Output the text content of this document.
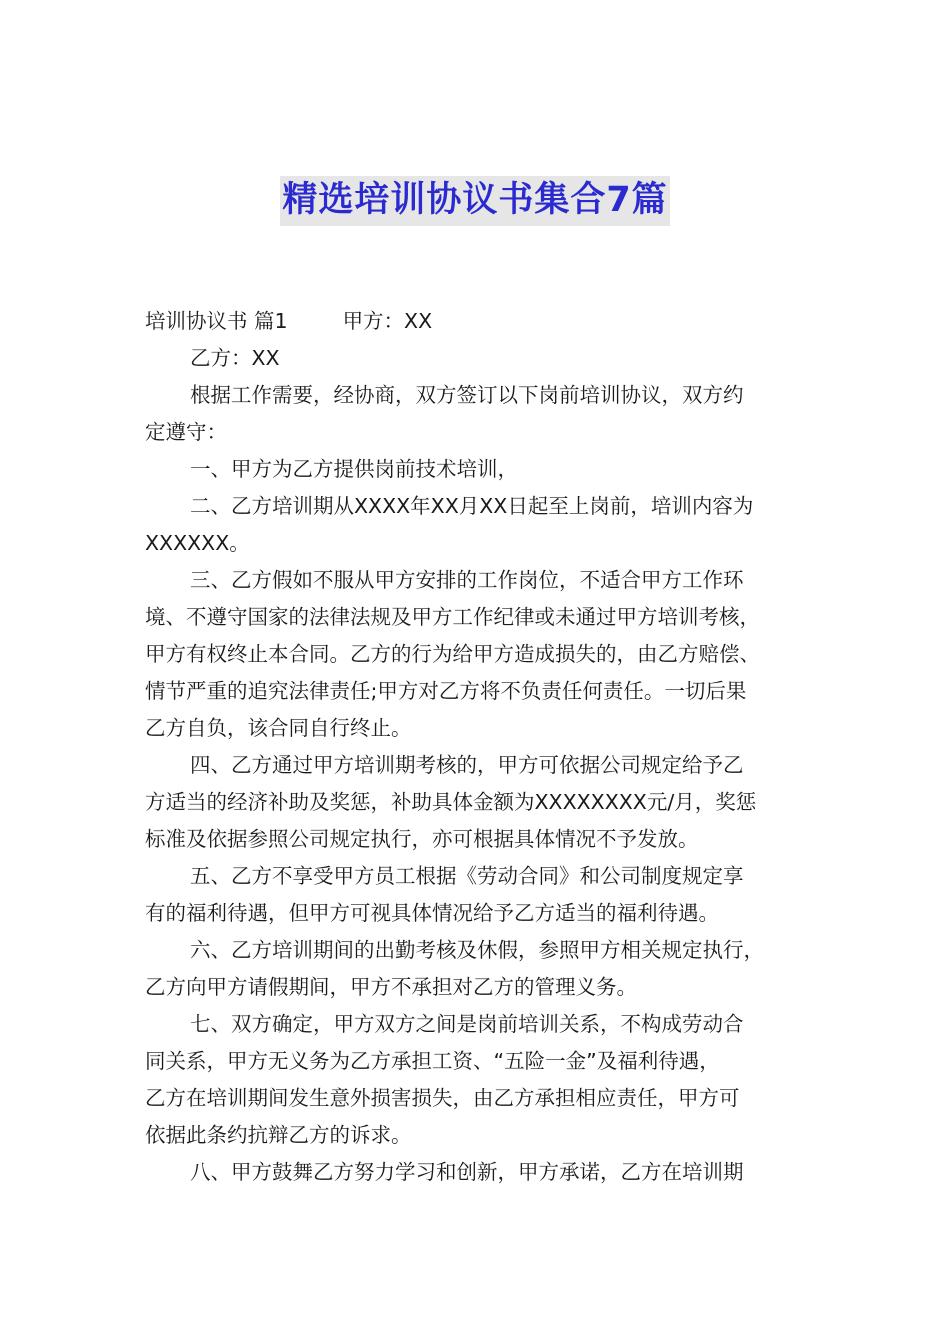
精选培训协议书集合7篇
培训协议书 篇1	甲方：XX
乙方：XX
根据工作需要，经协商，双方签订以下岗前培训协议，双方约
定遵守：
一、甲方为乙方提供岗前技术培训，
二、乙方培训期从XXXX年XX月XX日起至上岗前，培训内容为
XXXXXX。
三、乙方假如不服从甲方安排的工作岗位，不适合甲方工作环
境、不遵守国家的法律法规及甲方工作纪律或未通过甲方培训考核，
甲方有权终止本合同。乙方的行为给甲方造成损失的，由乙方赔偿、
情节严重的追究法律责任;甲方对乙方将不负责任何责任。一切后果
乙方自负，该合同自行终止。
四、乙方通过甲方培训期考核的，甲方可依据公司规定给予乙
方适当的经济补助及奖惩，补助具体金额为XXXXXXXX元/月，奖惩
标准及依据参照公司规定执行，亦可根据具体情况不予发放。
五、乙方不享受甲方员工根据《劳动合同》和公司制度规定享
有的福利待遇，但甲方可视具体情况给予乙方适当的福利待遇。
六、乙方培训期间的出勤考核及休假，参照甲方相关规定执行，
乙方向甲方请假期间，甲方不承担对乙方的管理义务。
七、双方确定，甲方双方之间是岗前培训关系，不构成劳动合
同关系，甲方无义务为乙方承担工资、“五险一金”及福利待遇，
乙方在培训期间发生意外损害损失，由乙方承担相应责任，甲方可
依据此条约抗辩乙方的诉求。
八、甲方鼓舞乙方努力学习和创新，甲方承诺，乙方在培训期
